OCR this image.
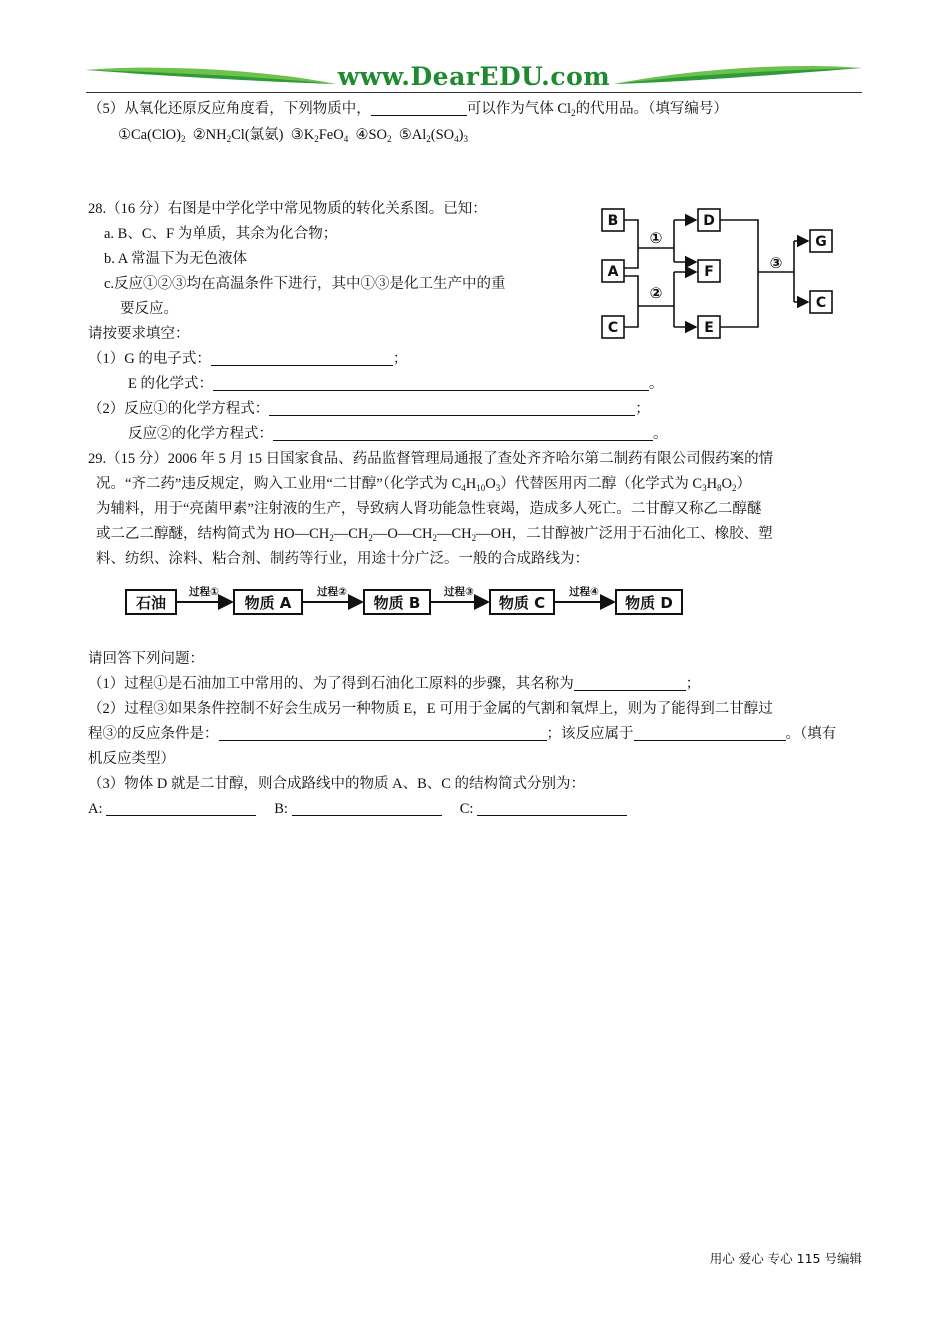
www.DearEDU.com
（5）从氧化还原反应角度看，下列物质中，	可以作为气体 $Cl_2$的代用品。（填写编号）
$①Ca(ClO)_2$ $②NH_2Cl$(氯氨) $③K_2FeO_4$ $④SO_2$ $⑤Al_2(SO_4)_3$
28.（16 分）右图是中学化学中常见物质的转化关系图。已知：
a. B、C、F 为单质，其余为化合物；
b. A 常温下为无色液体
c.反应①②③均在高温条件下进行，其中①③是化工生产中的重
要反应。
请按要求填空：
（1）G 的电子式：	；
E 的化学式：	。
（2）反应①的化学方程式：	；
反应②的化学方程式：	。
B
A
C
D
F
E
G
C
①
②
③
29.（15 分）2006 年 5 月 15 日国家食品、药品监督管理局通报了查处齐齐哈尔第二制药有限公司假药案的情
况。“齐二药”违反规定，购入工业用“二甘醇”（化学式为 $C_4H_{10}O_3$）代替医用丙二醇（化学式为 $C_3H_8O_2$）
为辅料，用于“亮菌甲素”注射液的生产，导致病人肾功能急性衰竭，造成多人死亡。二甘醇又称乙二醇醚
或二乙二醇醚，结构简式为 $HO—CH_2—CH_2—O—CH_2—CH_2—OH$，二甘醇被广泛用于石油化工、橡胶、塑
料、纺织、涂料、粘合剂、制药等行业，用途十分广泛。一般的合成路线为：
石油	物质 A	物质 B	物质 C	物质 D
过程①	过程②	过程③	过程④
请回答下列问题：
（1）过程①是石油加工中常用的、为了得到石油化工原料的步骤，其名称为	；
（2）过程③如果条件控制不好会生成另一种物质 E，E 可用于金属的气割和氧焊上，则为了能得到二甘醇过
程③的反应条件是：	；该反应属于	。（填有
机反应类型）
（3）物体 D 就是二甘醇，则合成路线中的物质 A、B、C 的结构简式分别为：
A:	B:	C:
用心 爱心 专心 115 号编辑
